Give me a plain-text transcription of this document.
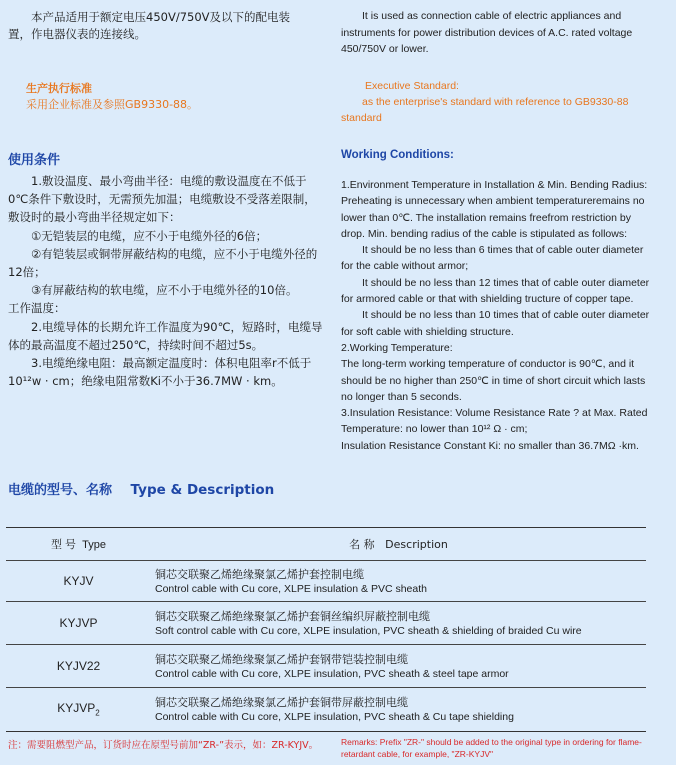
本产品适用于额定电压450V/750V及以下的配电装置，作电器仪表的连接线。

It is used as connection cable of electric appliances and instruments for power distribution devices of A.C. rated voltage 450/750V or lower.

生产执行标准
采用企业标准及参照GB9330-88。
Executive Standard:
as the enterprise's standard with reference to GB9330-88 standard
使用条件

1.敷设温度、最小弯曲半径：电缆的敷设温度在不低于0℃条件下敷设时，无需预先加温；电缆敷设不受落差限制，敷设时的最小弯曲半径规定如下：

①无铠装层的电缆，应不小于电缆外径的6倍；

②有铠装层或铜带屏蔽结构的电缆，应不小于电缆外径的12倍；

③有屏蔽结构的软电缆，应不小于电缆外径的10倍。

工作温度：

2.电缆导体的长期允许工作温度为90℃，短路时，电缆导体的最高温度不超过250℃，持续时间不超过5s。

3.电缆绝缘电阻：最高额定温度时：体积电阻率r不低于10¹²w · cm；绝缘电阻常数Ki不小于36.7MW · km。

Working Conditions:

1.Environment Temperature in Installation & Min. Bending Radius: Preheating is unnecessary when ambient temperatureremains no lower than 0℃. The installation remains freefrom restriction by drop. Min. bending radius of the cable is stipulated as follows:

It should be no less than 6 times that of cable outer diameter for the cable without armor;

It should be no less than 12 times that of cable outer diameter for armored cable or that with shielding tructure of copper tape.

It should be no less than 10 times that of cable outer diameter for soft cable with shielding structure.

2.Working Temperature:

The long-term working temperature of conductor is 90℃, and it should be no higher than 250℃ in time of short circuit which lasts no longer than 5 seconds.

3.Insulation Resistance: Volume Resistance Rate ? at Max. Rated Temperature: no lower than 10¹² Ω · cm;

Insulation Resistance Constant Ki: no smaller than 36.7MΩ ·km.

电缆的型号、名称 Type & Description
型 号 Type	名 称 Description
KYJV	铜芯交联聚乙烯绝缘聚氯乙烯护套控制电缆
Control cable with Cu core, XLPE insulation & PVC sheath

KYJVP	铜芯交联聚乙烯绝缘聚氯乙烯护套铜丝编织屏蔽控制电缆
Soft control cable with Cu core, XLPE insulation, PVC sheath & shielding of braided Cu wire

KYJV22	铜芯交联聚乙烯绝缘聚氯乙烯护套钢带铠装控制电缆
Control cable with Cu core, XLPE insulation, PVC sheath & steel tape armor

$KYJVP_2$	铜芯交联聚乙烯绝缘聚氯乙烯护套铜带屏蔽控制电缆
Control cable with Cu core, XLPE insulation, PVC sheath & Cu tape shielding
注：需要阻燃型产品，订货时应在原型号前加“ZR-”表示，如：ZR-KYJV。	Remarks: Prefix "ZR-" should be added to the original type in ordering for flame-retardant cable, for example, "ZR-KYJV"
